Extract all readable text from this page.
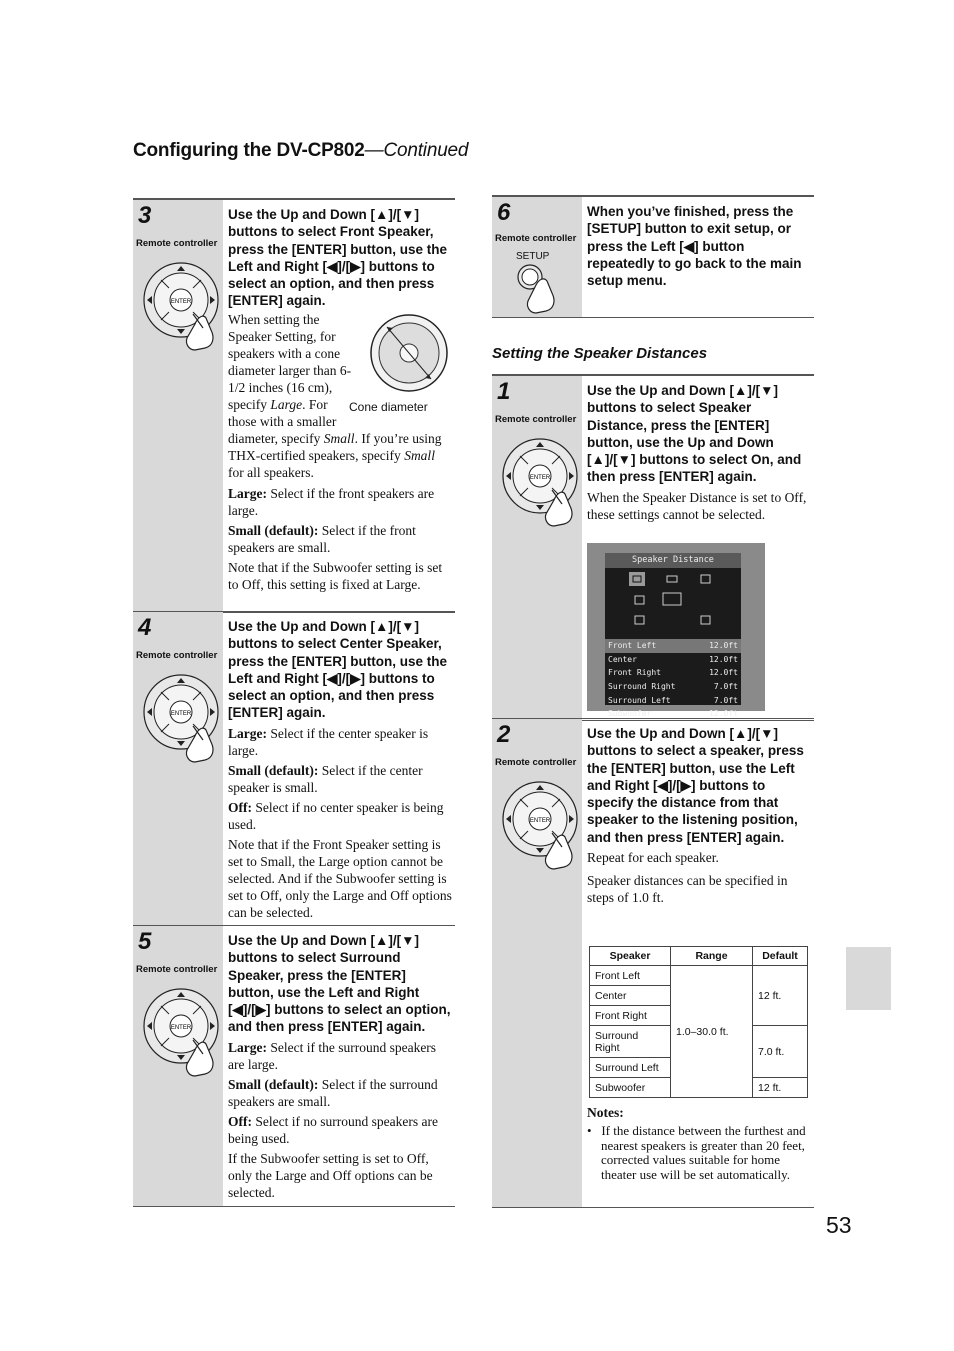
Configuring the DV-CP802—Continued
3
Remote controller
ENTER
Use the Up and Down [▲]/[▼] buttons to select Front Speaker, press the [ENTER] button, use the Left and Right [◀]/[▶] buttons to select an option, and then press [ENTER] again.
Cone diameter

When setting the Speaker Setting, for speakers with a cone diameter larger than 6-1/2 inches (16 cm), specify Large. For those with a smaller diameter, specify Small. If you’re using THX-certified speakers, specify Small for all speakers.

Large: Select if the front speakers are large.

Small (default): Select if the front speakers are small.

Note that if the Subwoofer setting is set to Off, this setting is fixed at Large.

4
Remote controller
ENTER
Use the Up and Down [▲]/[▼] buttons to select Center Speaker, press the [ENTER] button, use the Left and Right [◀]/[▶] buttons to select an option, and then press [ENTER] again.

Large: Select if the center speaker is large.

Small (default): Select if the center speaker is small.

Off: Select if no center speaker is being used.

Note that if the Front Speaker setting is set to Small, the Large option cannot be selected. And if the Subwoofer setting is set to Off, only the Large and Off options can be selected.

5
Remote controller
ENTER
Use the Up and Down [▲]/[▼] buttons to select Surround Speaker, press the [ENTER] button, use the Left and Right [◀]/[▶] buttons to select an option, and then press [ENTER] again.

Large: Select if the surround speakers are large.

Small (default): Select if the surround speakers are small.

Off: Select if no surround speakers are being used.

If the Subwoofer setting is set to Off, only the Large and Off options can be selected.

6
Remote controller
SETUP
When you’ve finished, press the [SETUP] button to exit setup, or press the Left [◀] button repeatedly to go back to the main setup menu.
Setting the Speaker Distances
1
Remote controller
ENTER
Use the Up and Down [▲]/[▼] buttons to select Speaker Distance, press the [ENTER] button, use the Up and Down [▲]/[▼] buttons to select On, and then press [ENTER] again.

When the Speaker Distance is set to Off, these settings cannot be selected.

Speaker Distance
Front Left	12.0ft
Center	12.0ft
Front Right	12.0ft
Surround Right	7.0ft
Surround Left	7.0ft
Subwoofer	12.0ft
2
Remote controller
ENTER
Use the Up and Down [▲]/[▼] buttons to select a speaker, press the [ENTER] button, use the Left and Right [◀]/[▶] buttons to specify the distance from that speaker to the listening position, and then press [ENTER] again.

Repeat for each speaker.

Speaker distances can be specified in steps of 1.0 ft.

Speaker	Range	Default
Front Left	1.0–30.0 ft.	12 ft.
Center		
Front Right		
Surround Right		7.0 ft.
Surround Left		
Subwoofer		12 ft.
Notes:
•   If the distance between the furthest and nearest speakers is greater than 20 feet, corrected values suitable for home theater use will be set automatically.
53
